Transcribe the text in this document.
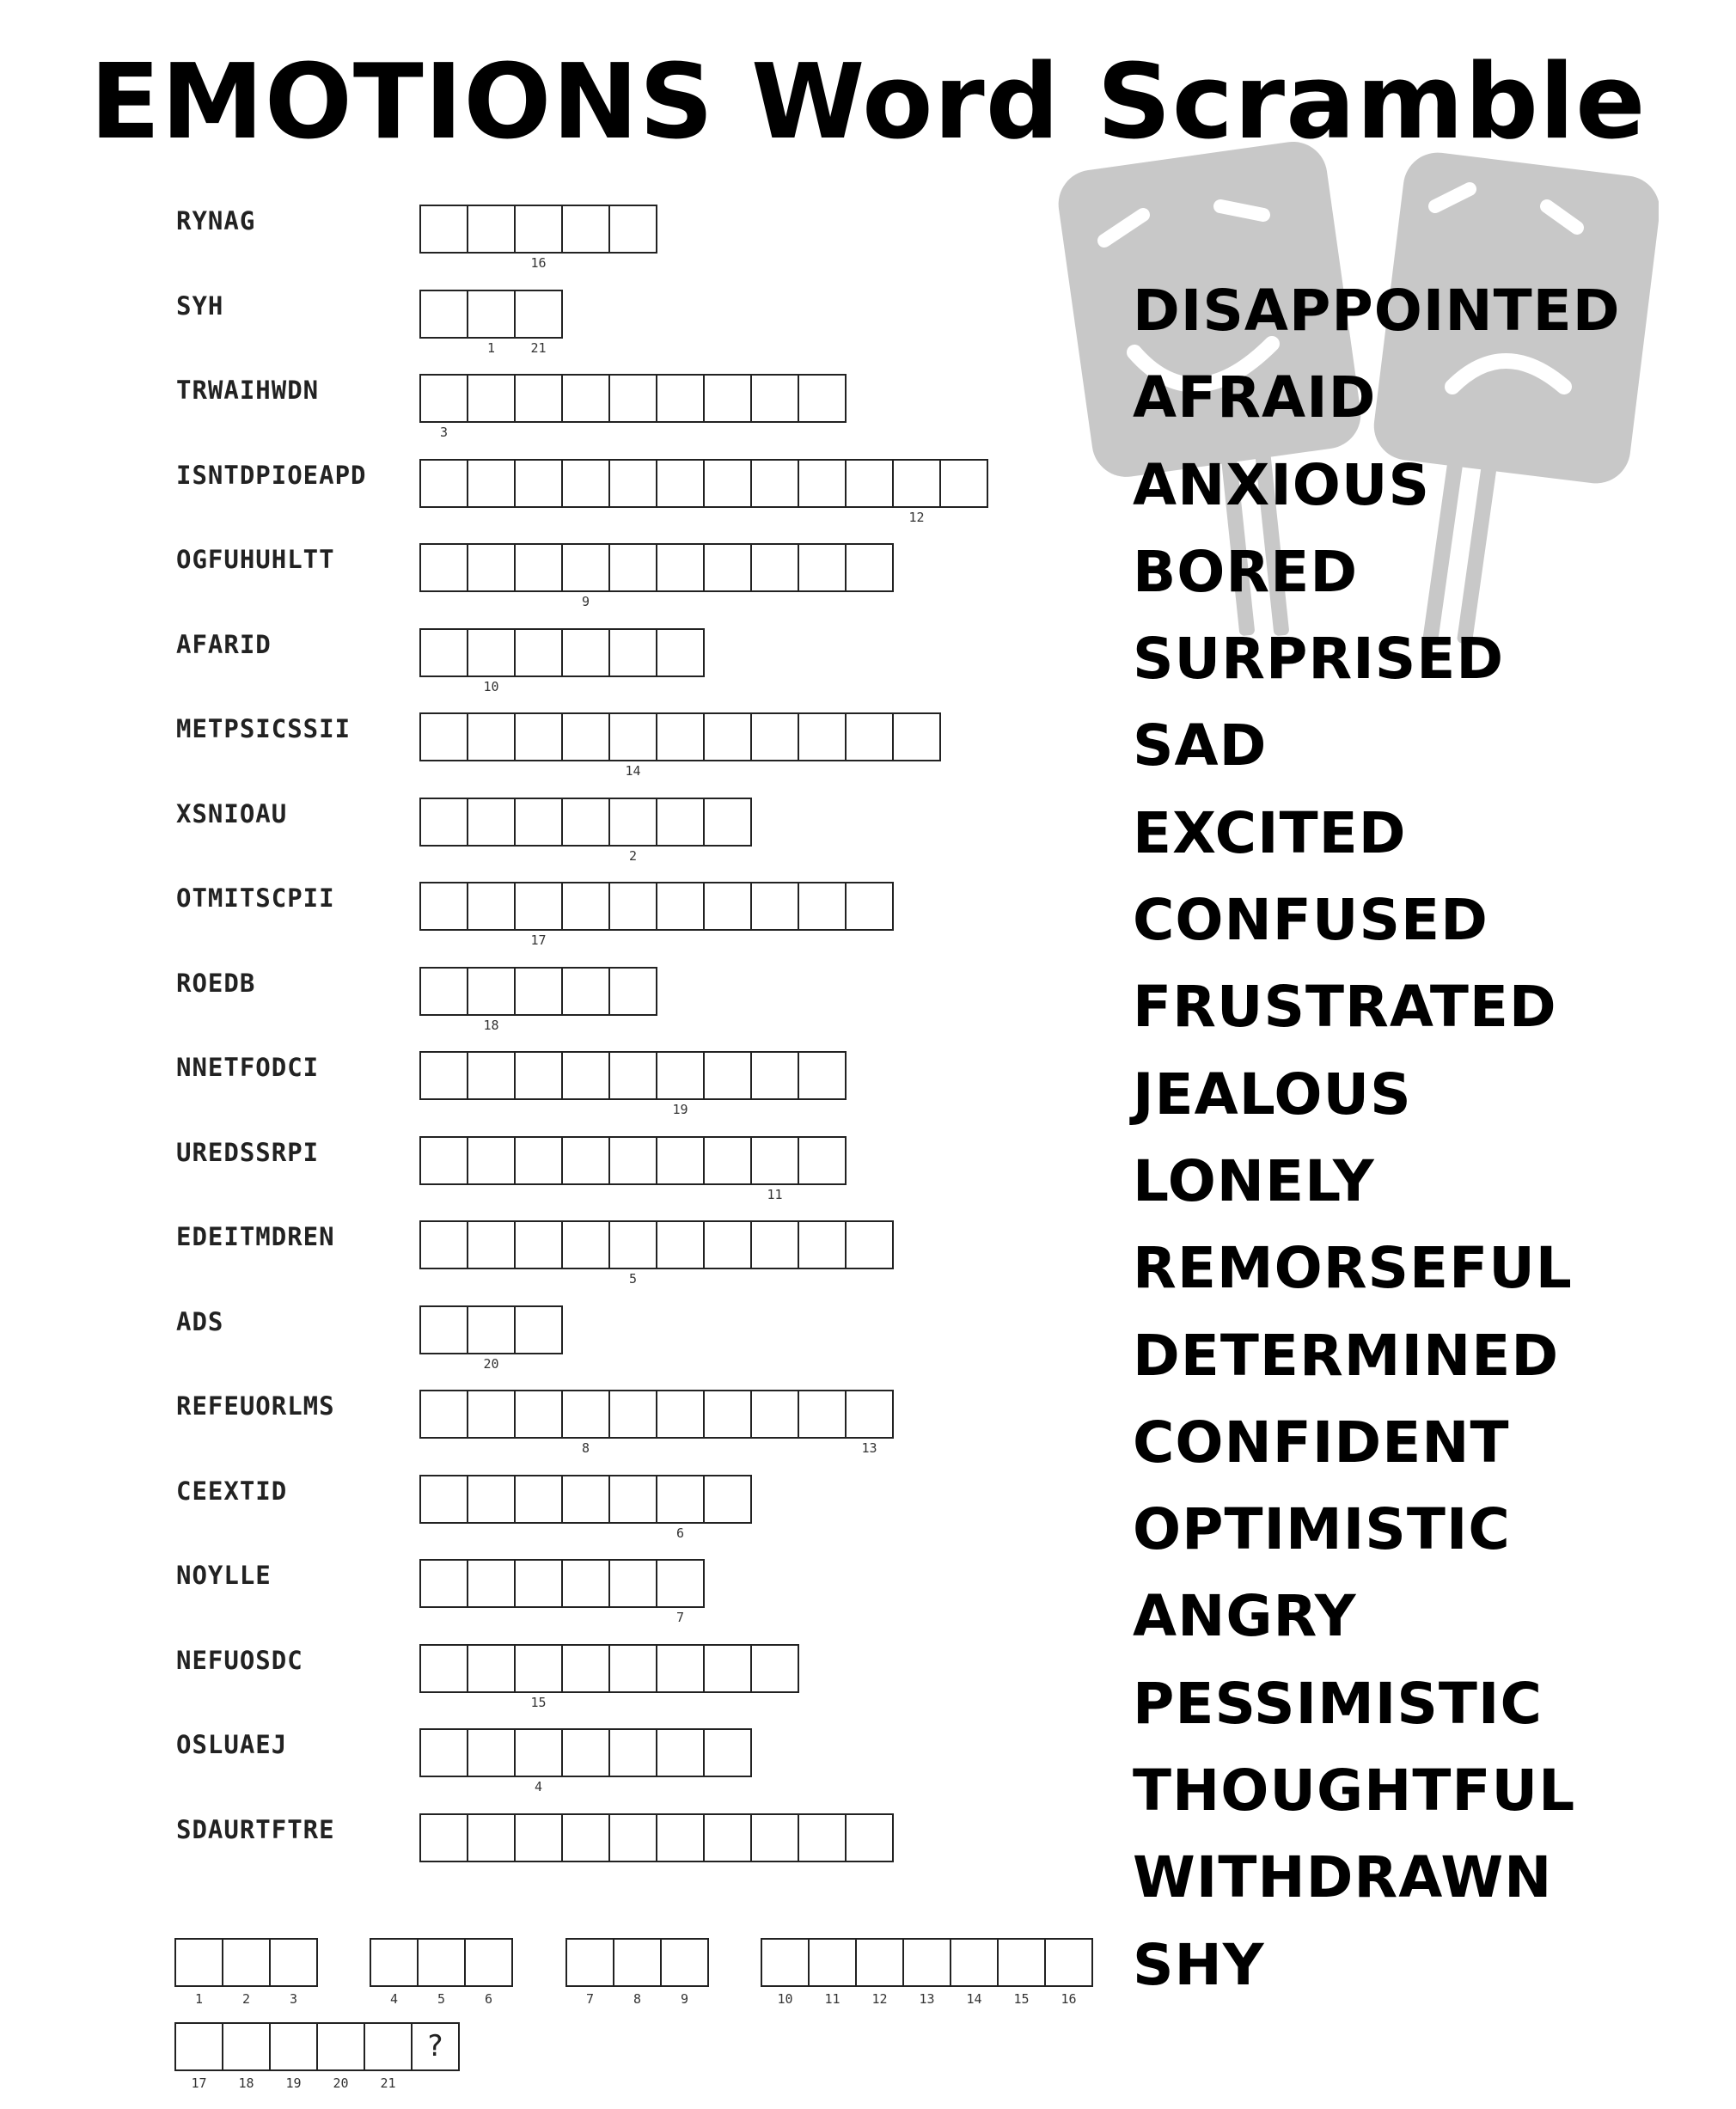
EMOTIONS Word Scramble
RYNAG
16
SYH
1	21
TRWAIHWDN
3
ISNTDPIOEAPD
12
OGFUHUHLTT
9
AFARID
10
METPSICSSII
14
XSNIOAU
2
OTMITSCPII
17
ROEDB
18
NNETFODCI
19
UREDSSRPI
11
EDEITMDREN
5
ADS
20
REFEUORLMS
8	13
CEEXTID
6
NOYLLE
7
NEFUOSDC
15
OSLUAEJ
4
SDAURTFTRE
DISAPPOINTED
AFRAID
ANXIOUS
BORED
SURPRISED
SAD
EXCITED
CONFUSED
FRUSTRATED
JEALOUS
LONELY
REMORSEFUL
DETERMINED
CONFIDENT
OPTIMISTIC
ANGRY
PESSIMISTIC
THOUGHTFUL
WITHDRAWN
SHY
1	2	3	4	5	6	7	8	9	10	11	12	13	14	15	16
17	18	19	20	21
?
